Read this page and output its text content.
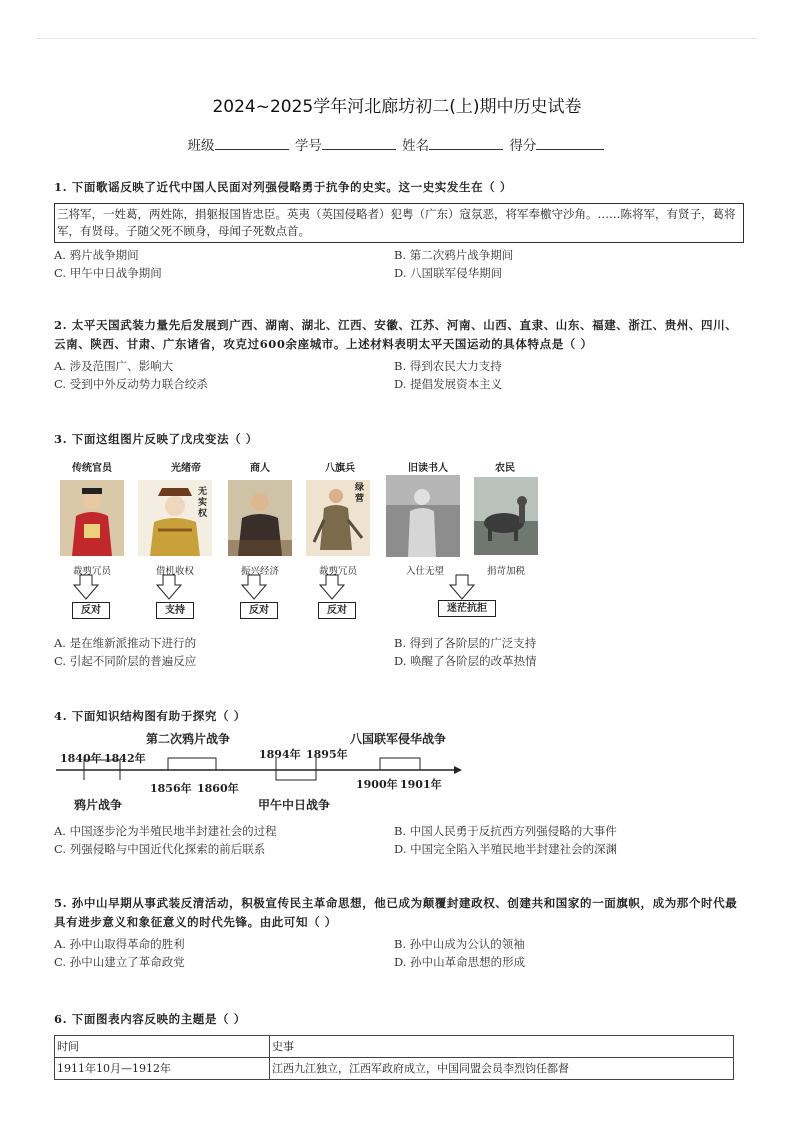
2024~2025学年河北廊坊初二(上)期中历史试卷
班级	学号	姓名	得分
1. 下面歌谣反映了近代中国人民面对列强侵略勇于抗争的史实。这一史实发生在（ ）
三将军，一姓葛，两姓陈，捐躯报国皆忠臣。英夷（英国侵略者）犯粤（广东）寇氛恶，将军奉檄守沙角。……陈将军，有贤子，葛将军，有贤母。子随父死不顾身，母闻子死数点首。
A. 鸦片战争期间	B. 第二次鸦片战争期间
C. 甲午中日战争期间	D. 八国联军侵华期间
2. 太平天国武装力量先后发展到广西、湖南、湖北、江西、安徽、江苏、河南、山西、直隶、山东、福建、浙江、贵州、四川、云南、陕西、甘肃、广东诸省，攻克过600余座城市。上述材料表明太平天国运动的具体特点是（ ）
A. 涉及范围广、影响大	B. 得到农民大力支持
C. 受到中外反动势力联合绞杀	D. 提倡发展资本主义
3. 下面这组图片反映了戊戌变法（ ）
传统官员	光绪帝	商人	八旗兵	旧读书人	农民
无实权
绿营
裁剪冗员	借机收权	振兴经济	裁剪冗员	入仕无望	捐苛加税
反对	支持	反对	反对	迷茫抗拒
A. 是在维新派推动下进行的	B. 得到了各阶层的广泛支持
C. 引起不同阶层的普遍反应	D. 唤醒了各阶层的改革热情
4. 下面知识结构图有助于探究（ ）
1840年 1842年
鸦片战争
第二次鸦片战争
1856年 1860年
1894年 1895年
甲午中日战争
八国联军侵华战争
1900年 1901年
A. 中国逐步沦为半殖民地半封建社会的过程	B. 中国人民勇于反抗西方列强侵略的大事件
C. 列强侵略与中国近代化探索的前后联系	D. 中国完全陷入半殖民地半封建社会的深渊
5. 孙中山早期从事武装反清活动，积极宣传民主革命思想，他已成为颠覆封建政权、创建共和国家的一面旗帜，成为那个时代最具有进步意义和象征意义的时代先锋。由此可知（ ）
A. 孙中山取得革命的胜利	B. 孙中山成为公认的领袖
C. 孙中山建立了革命政党	D. 孙中山革命思想的形成
6. 下面图表内容反映的主题是（ ）
时间	史事
1911年10月—1912年	江西九江独立，江西军政府成立，中国同盟会员李烈钧任都督
